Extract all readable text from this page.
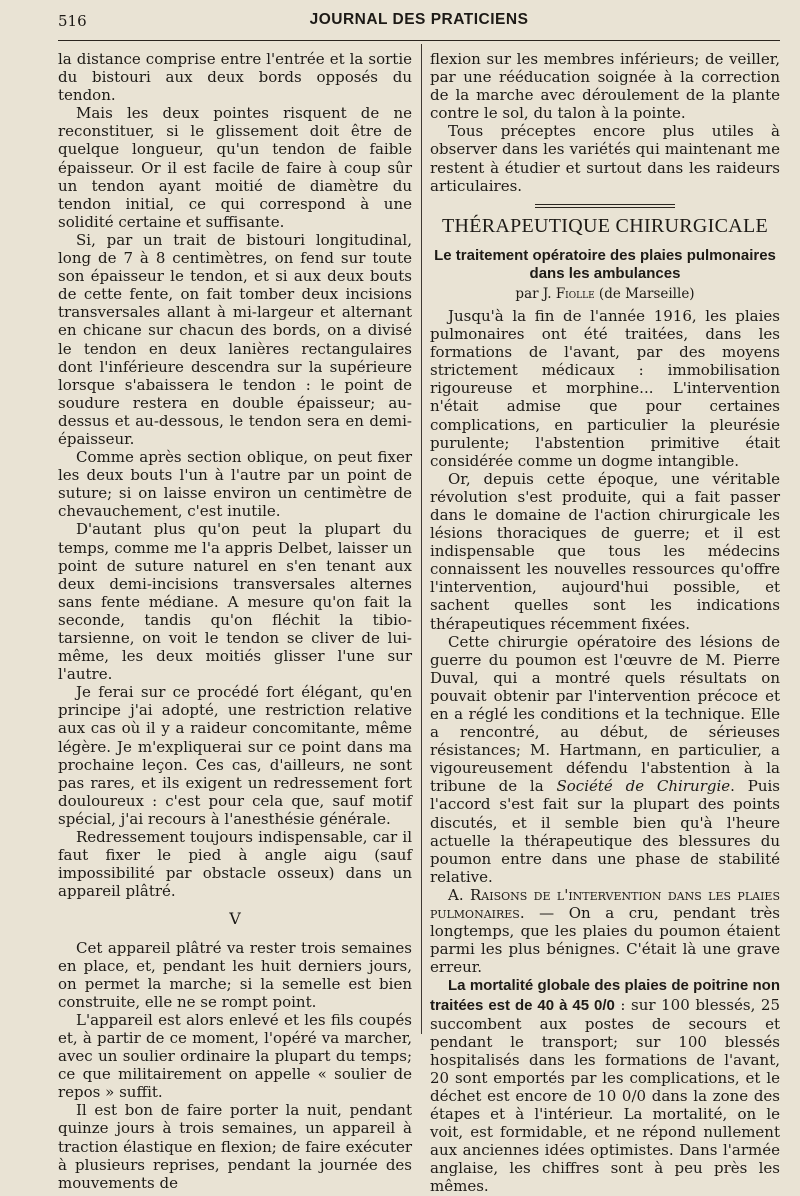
516	JOURNAL DES PRATICIENS

la distance comprise entre l'entrée et la sortie du bistouri aux deux bords opposés du tendon.

Mais les deux pointes risquent de ne reconstituer, si le glissement doit être de quelque longueur, qu'un tendon de faible épaisseur. Or il est facile de faire à coup sûr un tendon ayant moitié de diamètre du tendon initial, ce qui correspond à une solidité certaine et suffisante.

Si, par un trait de bistouri longitudinal, long de 7 à 8 centimètres, on fend sur toute son épaisseur le tendon, et si aux deux bouts de cette fente, on fait tomber deux incisions transversales allant à mi-largeur et alternant en chicane sur chacun des bords, on a divisé le tendon en deux lanières rectangulaires dont l'inférieure descendra sur la supérieure lorsque s'abaissera le tendon : le point de soudure restera en double épaisseur; au-dessus et au-dessous, le tendon sera en demi-épaisseur.

Comme après section oblique, on peut fixer les deux bouts l'un à l'autre par un point de suture; si on laisse environ un centimètre de chevauchement, c'est inutile.

D'autant plus qu'on peut la plupart du temps, comme me l'a appris Delbet, laisser un point de suture naturel en s'en tenant aux deux demi-incisions transversales alternes sans fente médiane. A mesure qu'on fait la seconde, tandis qu'on fléchit la tibio-tarsienne, on voit le tendon se cliver de lui-même, les deux moitiés glisser l'une sur l'autre.

Je ferai sur ce procédé fort élégant, qu'en principe j'ai adopté, une restriction relative aux cas où il y a raideur concomitante, même légère. Je m'expliquerai sur ce point dans ma prochaine leçon. Ces cas, d'ailleurs, ne sont pas rares, et ils exigent un redressement fort douloureux : c'est pour cela que, sauf motif spécial, j'ai recours à l'anesthésie générale.

Redressement toujours indispensable, car il faut fixer le pied à angle aigu (sauf impossibilité par obstacle osseux) dans un appareil plâtré.

V

Cet appareil plâtré va rester trois semaines en place, et, pendant les huit derniers jours, on permet la marche; si la semelle est bien construite, elle ne se rompt point.

L'appareil est alors enlevé et les fils coupés et, à partir de ce moment, l'opéré va marcher, avec un soulier ordinaire la plupart du temps; ce que militairement on appelle « soulier de repos » suffit.

Il est bon de faire porter la nuit, pendant quinze jours à trois semaines, un appareil à traction élastique en flexion; de faire exécuter à plusieurs reprises, pendant la journée des mouvements de

flexion sur les membres inférieurs; de veiller, par une rééducation soignée à la correction de la marche avec déroulement de la plante contre le sol, du talon à la pointe.

Tous préceptes encore plus utiles à observer dans les variétés qui maintenant me restent à étudier et surtout dans les raideurs articulaires.

THÉRAPEUTIQUE CHIRURGICALE
Le traitement opératoire des plaies pulmonaires dans les ambulances
par J. Fiolle (de Marseille)

Jusqu'à la fin de l'année 1916, les plaies pulmonaires ont été traitées, dans les formations de l'avant, par des moyens strictement médicaux : immobilisation rigoureuse et morphine... L'intervention n'était admise que pour certaines complications, en particulier la pleurésie purulente; l'abstention primitive était considérée comme un dogme intangible.

Or, depuis cette époque, une véritable révolution s'est produite, qui a fait passer dans le domaine de l'action chirurgicale les lésions thoraciques de guerre; et il est indispensable que tous les médecins connaissent les nouvelles ressources qu'offre l'intervention, aujourd'hui possible, et sachent quelles sont les indications thérapeutiques récemment fixées.

Cette chirurgie opératoire des lésions de guerre du poumon est l'œuvre de M. Pierre Duval, qui a montré quels résultats on pouvait obtenir par l'intervention précoce et en a réglé les conditions et la technique. Elle a rencontré, au début, de sérieuses résistances; M. Hartmann, en particulier, a vigoureusement défendu l'abstention à la tribune de la Société de Chirurgie. Puis l'accord s'est fait sur la plupart des points discutés, et il semble bien qu'à l'heure actuelle la thérapeutique des blessures du poumon entre dans une phase de stabilité relative.

A. Raisons de l'intervention dans les plaies pulmonaires. — On a cru, pendant très longtemps, que les plaies du poumon étaient parmi les plus bénignes. C'était là une grave erreur.

La mortalité globale des plaies de poitrine non traitées est de 40 à 45 0/0 : sur 100 blessés, 25 succombent aux postes de secours et pendant le transport; sur 100 blessés hospitalisés dans les formations de l'avant, 20 sont emportés par les complications, et le déchet est encore de 10 0/0 dans la zone des étapes et à l'intérieur. La mortalité, on le voit, est formidable, et ne répond nullement aux anciennes idées optimistes. Dans l'armée anglaise, les chiffres sont à peu près les mêmes.
